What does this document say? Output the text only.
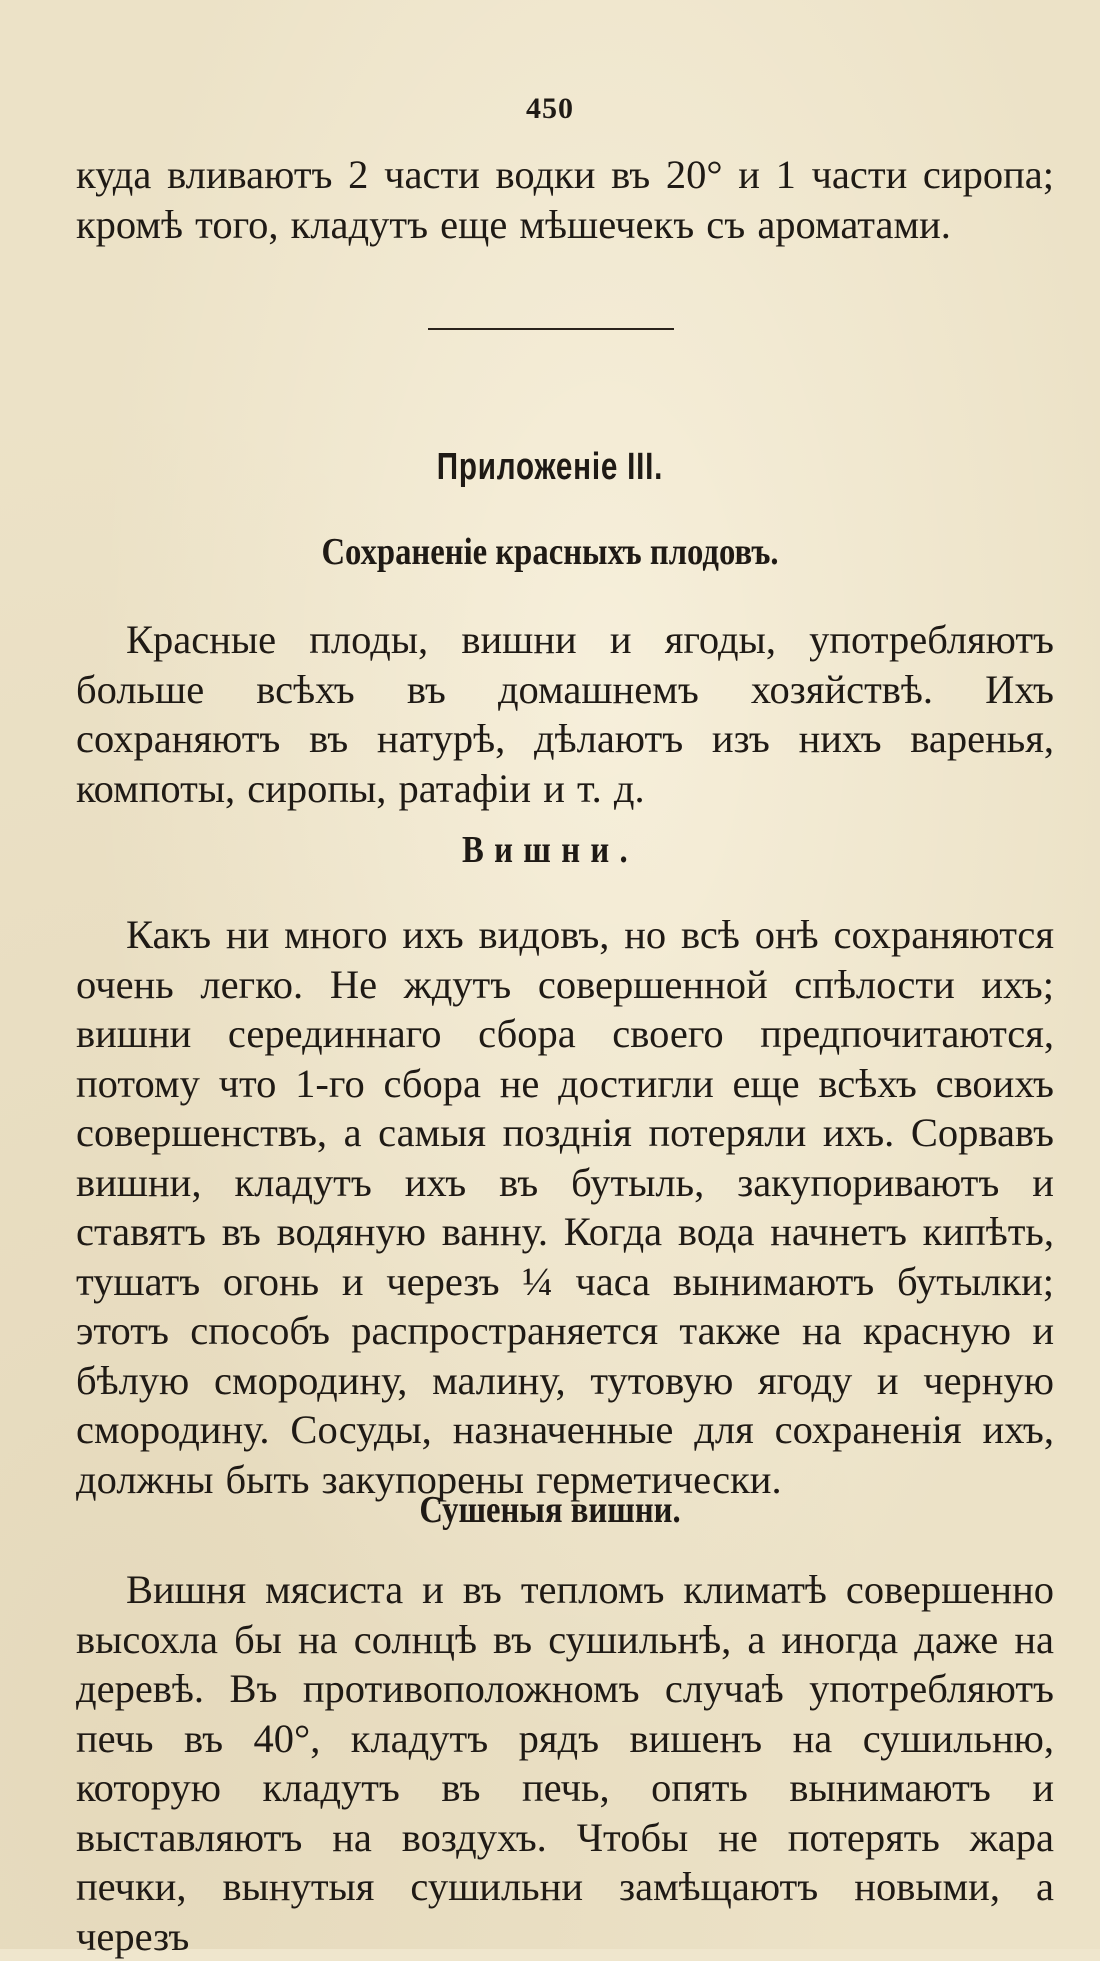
450
куда вливаютъ 2 части водки въ 20° и 1 части сиропа; кромѣ того, кладутъ еще мѣшечекъ съ ароматами.
Приложеніе III.
Сохраненіе красныхъ плодовъ.
Красные плоды, вишни и ягоды, употребляютъ больше всѣхъ въ домашнемъ хозяйствѣ. Ихъ сохраняютъ въ натурѣ, дѣлаютъ изъ нихъ варенья, компоты, сиропы, ратафіи и т. д.
Вишни.
Какъ ни много ихъ видовъ, но всѣ онѣ сохраняются очень легко. Не ждутъ совершенной спѣлости ихъ; вишни серединнаго сбора своего предпочитаются, потому что 1-го сбора не достигли еще всѣхъ своихъ совершенствъ, а самыя позднія потеряли ихъ. Сорвавъ вишни, кладутъ ихъ въ бутыль, закупориваютъ и ставятъ въ водяную ванну. Когда вода начнетъ кипѣть, тушатъ огонь и черезъ ¼ часа вынимаютъ бутылки; этотъ способъ распространяется также на красную и бѣлую смородину, малину, тутовую ягоду и черную смородину. Сосуды, назначенные для сохраненія ихъ, должны быть закупорены герметически.
Сушеныя вишни.
Вишня мясиста и въ тепломъ климатѣ совершенно высохла бы на солнцѣ въ сушильнѣ, а иногда даже на деревѣ. Въ противоположномъ случаѣ употребляютъ печь въ 40°, кладутъ рядъ вишенъ на сушильню, которую кладутъ въ печь, опять вынимаютъ и выставляютъ на воздухъ. Чтобы не потерять жара печки, вынутыя сушильни замѣщаютъ новыми, а черезъ
